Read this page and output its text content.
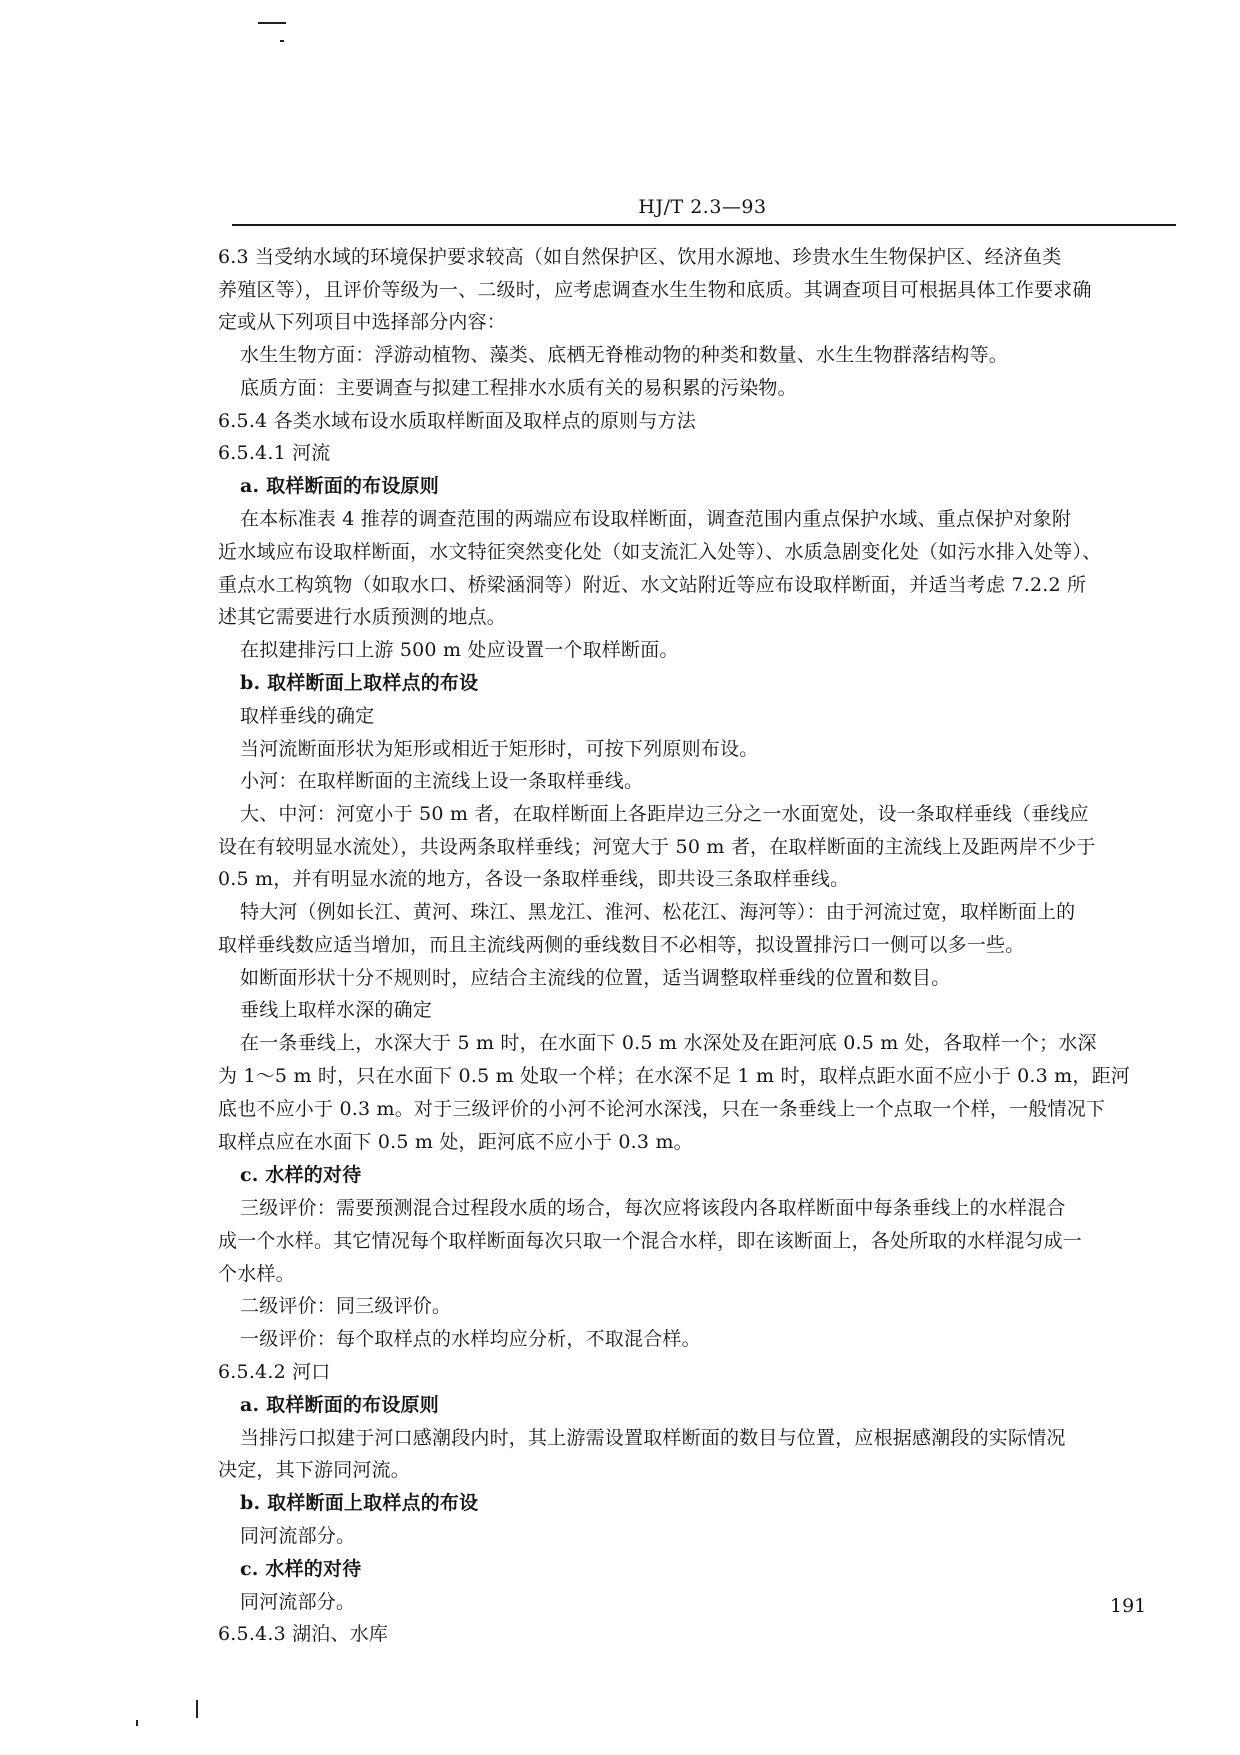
HJ/T 2.3—93
6.3 当受纳水域的环境保护要求较高（如自然保护区、饮用水源地、珍贵水生生物保护区、经济鱼类
养殖区等），且评价等级为一、二级时，应考虑调查水生生物和底质。其调查项目可根据具体工作要求确
定或从下列项目中选择部分内容：
水生生物方面：浮游动植物、藻类、底栖无脊椎动物的种类和数量、水生生物群落结构等。
底质方面：主要调查与拟建工程排水水质有关的易积累的污染物。
6.5.4 各类水域布设水质取样断面及取样点的原则与方法
6.5.4.1 河流
a. 取样断面的布设原则
在本标准表 4 推荐的调查范围的两端应布设取样断面，调查范围内重点保护水域、重点保护对象附
近水域应布设取样断面，水文特征突然变化处（如支流汇入处等）、水质急剧变化处（如污水排入处等）、
重点水工构筑物（如取水口、桥梁涵洞等）附近、水文站附近等应布设取样断面，并适当考虑 7.2.2 所
述其它需要进行水质预测的地点。
在拟建排污口上游 500 m 处应设置一个取样断面。
b. 取样断面上取样点的布设
取样垂线的确定
当河流断面形状为矩形或相近于矩形时，可按下列原则布设。
小河：在取样断面的主流线上设一条取样垂线。
大、中河：河宽小于 50 m 者，在取样断面上各距岸边三分之一水面宽处，设一条取样垂线（垂线应
设在有较明显水流处），共设两条取样垂线；河宽大于 50 m 者，在取样断面的主流线上及距两岸不少于
0.5 m，并有明显水流的地方，各设一条取样垂线，即共设三条取样垂线。
特大河（例如长江、黄河、珠江、黑龙江、淮河、松花江、海河等）：由于河流过宽，取样断面上的
取样垂线数应适当增加，而且主流线两侧的垂线数目不必相等，拟设置排污口一侧可以多一些。
如断面形状十分不规则时，应结合主流线的位置，适当调整取样垂线的位置和数目。
垂线上取样水深的确定
在一条垂线上，水深大于 5 m 时，在水面下 0.5 m 水深处及在距河底 0.5 m 处，各取样一个；水深
为 1～5 m 时，只在水面下 0.5 m 处取一个样；在水深不足 1 m 时，取样点距水面不应小于 0.3 m，距河
底也不应小于 0.3 m。对于三级评价的小河不论河水深浅，只在一条垂线上一个点取一个样，一般情况下
取样点应在水面下 0.5 m 处，距河底不应小于 0.3 m。
c. 水样的对待
三级评价：需要预测混合过程段水质的场合，每次应将该段内各取样断面中每条垂线上的水样混合
成一个水样。其它情况每个取样断面每次只取一个混合水样，即在该断面上，各处所取的水样混匀成一
个水样。
二级评价：同三级评价。
一级评价：每个取样点的水样均应分析，不取混合样。
6.5.4.2 河口
a. 取样断面的布设原则
当排污口拟建于河口感潮段内时，其上游需设置取样断面的数目与位置，应根据感潮段的实际情况
决定，其下游同河流。
b. 取样断面上取样点的布设
同河流部分。
c. 水样的对待
同河流部分。
6.5.4.3 湖泊、水库
191
